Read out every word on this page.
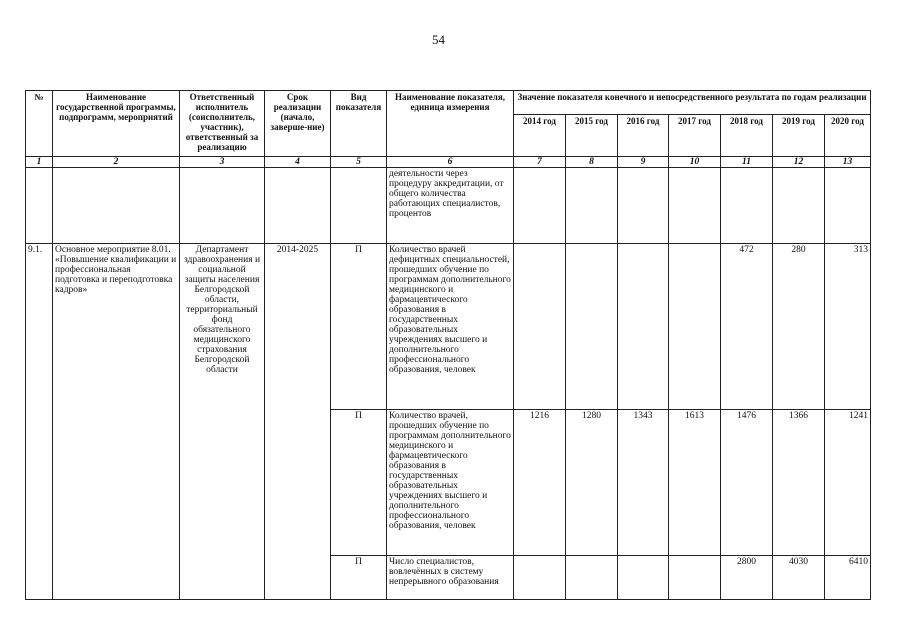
54
№	Наименование государственной программы, подпрограмм, мероприятий	Ответственный исполнитель (соисполнитель, участник), ответственный за реализацию	Срок реализации (начало, заверше-ние)	Вид показателя	Наименование показателя, единица измерения	Значение показателя конечного и непосредственного результата по годам реализации						
						2014 год	2015 год	2016 год	2017 год	2018 год	2019 год	2020 год
1	2	3	4	5	6	7	8	9	10	11	12	13
					деятельности через процедуру аккредитации, от общего количества работающих специалистов, процентов							
9.1.	Основное мероприятие 8.01. «Повышение квалификации и профессиональная подготовка и переподготовка кадров»	Департамент здравоохранения и социальной защиты населения Белгородской области, территориальный фонд обязательного медицинского страхования Белгородской области	2014-2025	П	Количество врачей дефицитных специальностей, прошедших обучение по программам дополнительного медицинского и фармацевтического образования в государственных образовательных учреждениях высшего и дополнительного профессионального образования, человек					472	280	313
				П	Количество врачей, прошедших обучение по программам дополнительного медицинского и фармацевтического образования в государственных образовательных учреждениях высшего и дополнительного профессионального образования, человек	1216	1280	1343	1613	1476	1366	1241
				П	Число специалистов, вовлечённых в систему непрерывного образования					2800	4030	6410
